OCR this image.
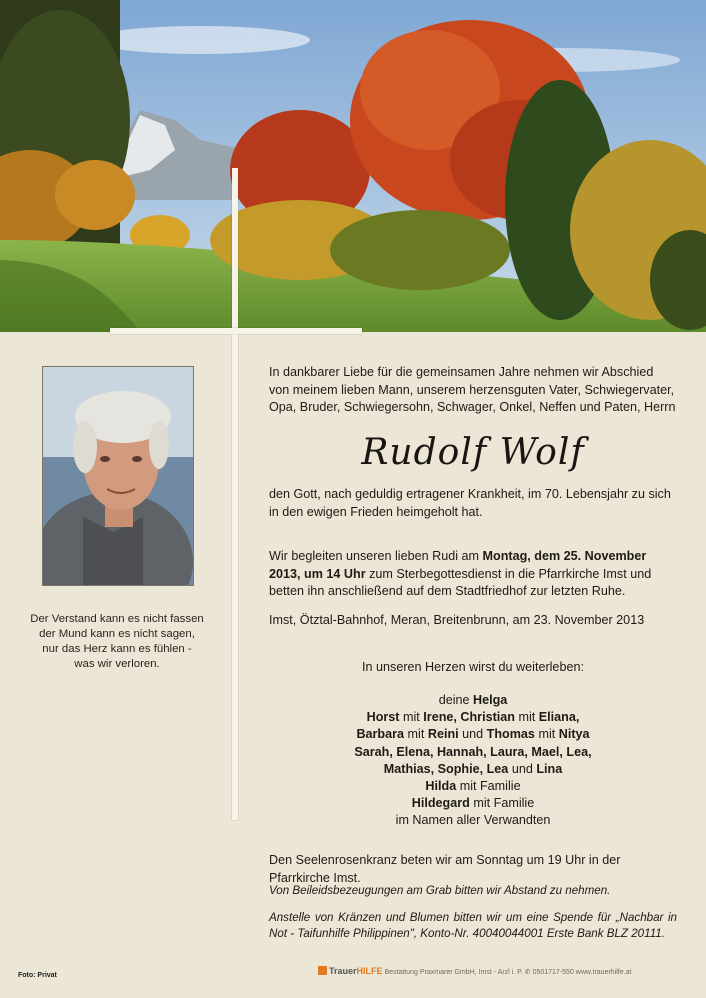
Der Verstand kann es nicht fassen
der Mund kann es nicht sagen,
nur das Herz kann es fühlen -
was wir verloren.
In dankbarer Liebe für die gemeinsamen Jahre nehmen wir Abschied von meinem lieben Mann, unserem herzensguten Vater, Schwiegervater, Opa, Bruder, Schwiegersohn, Schwager, Onkel, Neffen und Paten, Herrn
Rudolf Wolf
den Gott, nach geduldig ertragener Krankheit, im 70. Lebensjahr zu sich in den ewigen Frieden heimgeholt hat.
Wir begleiten unseren lieben Rudi am Montag, dem 25. November 2013, um 14 Uhr zum Sterbegottesdienst in die Pfarrkirche Imst und betten ihn anschließend auf dem Stadtfriedhof zur letzten Ruhe.
Imst, Ötztal-Bahnhof, Meran, Breitenbrunn, am 23. November 2013
In unseren Herzen wirst du weiterleben:
deine Helga
Horst mit Irene, Christian mit Eliana,
Barbara mit Reini und Thomas mit Nitya
Sarah, Elena, Hannah, Laura, Mael, Lea,
Mathias, Sophie, Lea und Lina
Hilda mit Familie
Hildegard mit Familie
im Namen aller Verwandten
Den Seelenrosenkranz beten wir am Sonntag um 19 Uhr in der Pfarrkirche Imst.
Von Beileidsbezeugungen am Grab bitten wir Abstand zu nehmen.
Anstelle von Kränzen und Blumen bitten wir um eine Spende für „Nachbar in Not - Taifunhilfe Philippinen", Konto-Nr. 40040044001 Erste Bank BLZ 20111.
Foto: Privat	TrauerHILFE Bestattung Praxmarer GmbH, Imst - Arzl i. P. ✆ 0501717-550 www.trauerhilfe.at
